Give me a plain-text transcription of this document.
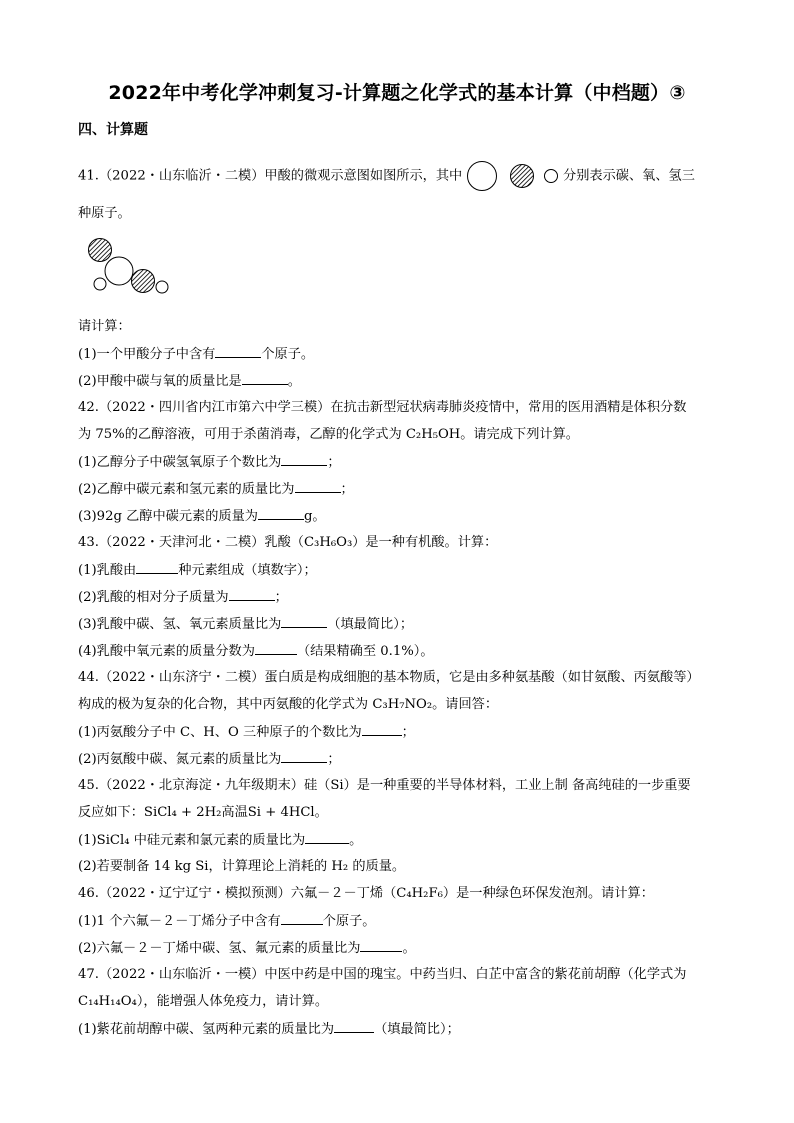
2022年中考化学冲刺复习-计算题之化学式的基本计算（中档题）③
四、计算题
41.（2022・山东临沂・二模）甲酸的微观示意图如图所示，其中	分别表示碳、氧、氢三
种原子。
请计算：
(1)一个甲酸分子中含有	个原子。
(2)甲酸中碳与氧的质量比是	。
42.（2022・四川省内江市第六中学三模）在抗击新型冠状病毒肺炎疫情中，常用的医用酒精是体积分数
为 75%的乙醇溶液，可用于杀菌消毒，乙醇的化学式为 C₂H₅OH。请完成下列计算。
(1)乙醇分子中碳氢氧原子个数比为	；
(2)乙醇中碳元素和氢元素的质量比为	；
(3)92g 乙醇中碳元素的质量为	g。
43.（2022・天津河北・二模）乳酸（C₃H₆O₃）是一种有机酸。计算：
(1)乳酸由	种元素组成（填数字）；
(2)乳酸的相对分子质量为	；
(3)乳酸中碳、氢、氧元素质量比为	（填最简比）；
(4)乳酸中氧元素的质量分数为	（结果精确至 0.1%）。
44.（2022・山东济宁・二模）蛋白质是构成细胞的基本物质，它是由多种氨基酸（如甘氨酸、丙氨酸等）
构成的极为复杂的化合物，其中丙氨酸的化学式为 C₃H₇NO₂。请回答：
(1)丙氨酸分子中 C、H、O 三种原子的个数比为	；
(2)丙氨酸中碳、氮元素的质量比为	；
45.（2022・北京海淀・九年级期末）硅（Si）是一种重要的半导体材料，工业上制 备高纯硅的一步重要
反应如下：SiCl₄ + 2H₂高温Si + 4HCl。
(1)SiCl₄ 中硅元素和氯元素的质量比为	。
(2)若要制备 14 kg Si，计算理论上消耗的 H₂ 的质量。
46.（2022・辽宁辽宁・模拟预测）六氟－２－丁烯（C₄H₂F₆）是一种绿色环保发泡剂。请计算：
(1)1 个六氟－２－丁烯分子中含有	个原子。
(2)六氟－２－丁烯中碳、氢、氟元素的质量比为	。
47.（2022・山东临沂・一模）中医中药是中国的瑰宝。中药当归、白芷中富含的紫花前胡醇（化学式为
C₁₄H₁₄O₄），能增强人体免疫力，请计算。
(1)紫花前胡醇中碳、氢两种元素的质量比为	（填最简比）；
